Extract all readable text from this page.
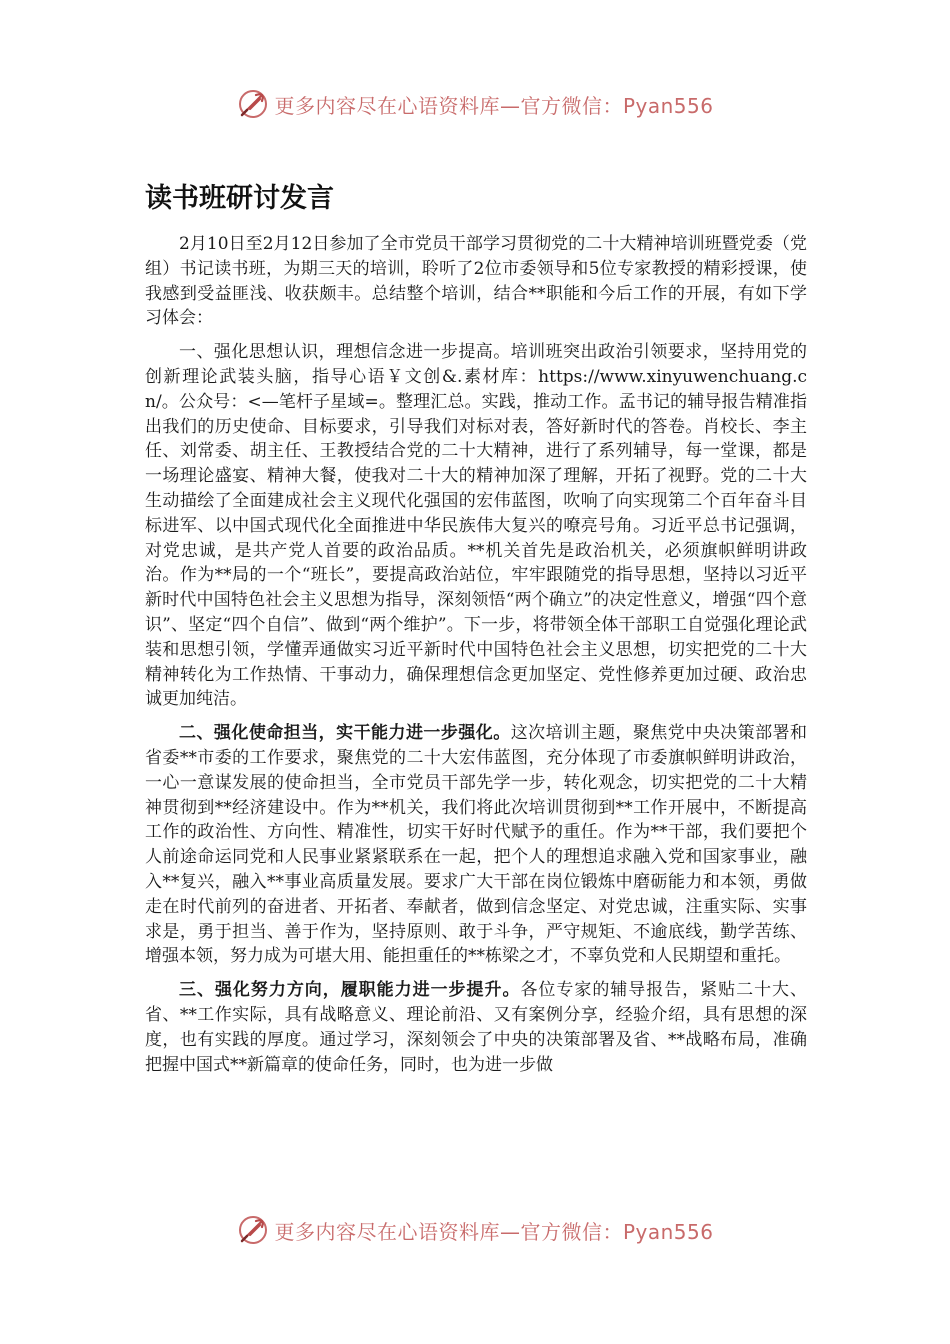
更多内容尽在心语资料库—官方微信：Pyan556
读书班研讨发言

2月10日至2月12日参加了全市党员干部学习贯彻党的二十大精神培训班暨党委（党组）书记读书班，为期三天的培训，聆听了2位市委领导和5位专家教授的精彩授课，使我感到受益匪浅、收获颇丰。总结整个培训，结合**职能和今后工作的开展，有如下学习体会：

一、强化思想认识，理想信念进一步提高。培训班突出政治引领要求，坚持用党的创新理论武装头脑，指导心语￥文创&.素材库：https://www.xinyuwenchuang.cn/。公众号：<—笔杆子星域=。整理汇总。实践，推动工作。孟书记的辅导报告精准指出我们的历史使命、目标要求，引导我们对标对表，答好新时代的答卷。肖校长、李主任、刘常委、胡主任、王教授结合党的二十大精神，进行了系列辅导，每一堂课，都是一场理论盛宴、精神大餐，使我对二十大的精神加深了理解，开拓了视野。党的二十大生动描绘了全面建成社会主义现代化强国的宏伟蓝图，吹响了向实现第二个百年奋斗目标进军、以中国式现代化全面推进中华民族伟大复兴的嘹亮号角。习近平总书记强调，对党忠诚，是共产党人首要的政治品质。**机关首先是政治机关，必须旗帜鲜明讲政治。作为**局的一个“班长”，要提高政治站位，牢牢跟随党的指导思想，坚持以习近平新时代中国特色社会主义思想为指导，深刻领悟“两个确立”的决定性意义，增强“四个意识”、坚定“四个自信”、做到“两个维护”。下一步，将带领全体干部职工自觉强化理论武装和思想引领，学懂弄通做实习近平新时代中国特色社会主义思想，切实把党的二十大精神转化为工作热情、干事动力，确保理想信念更加坚定、党性修养更加过硬、政治忠诚更加纯洁。

二、强化使命担当，实干能力进一步强化。这次培训主题，聚焦党中央决策部署和省委**市委的工作要求，聚焦党的二十大宏伟蓝图，充分体现了市委旗帜鲜明讲政治，一心一意谋发展的使命担当，全市党员干部先学一步，转化观念，切实把党的二十大精神贯彻到**经济建设中。作为**机关，我们将此次培训贯彻到**工作开展中，不断提高工作的政治性、方向性、精准性，切实干好时代赋予的重任。作为**干部，我们要把个人前途命运同党和人民事业紧紧联系在一起，把个人的理想追求融入党和国家事业，融入**复兴，融入**事业高质量发展。要求广大干部在岗位锻炼中磨砺能力和本领，勇做走在时代前列的奋进者、开拓者、奉献者，做到信念坚定、对党忠诚，注重实际、实事求是，勇于担当、善于作为，坚持原则、敢于斗争，严守规矩、不逾底线，勤学苦练、增强本领，努力成为可堪大用、能担重任的**栋梁之才，不辜负党和人民期望和重托。

三、强化努力方向，履职能力进一步提升。各位专家的辅导报告，紧贴二十大、省、**工作实际，具有战略意义、理论前沿、又有案例分享，经验介绍，具有思想的深度，也有实践的厚度。通过学习，深刻领会了中央的决策部署及省、**战略布局，准确把握中国式**新篇章的使命任务，同时，也为进一步做

更多内容尽在心语资料库—官方微信：Pyan556
